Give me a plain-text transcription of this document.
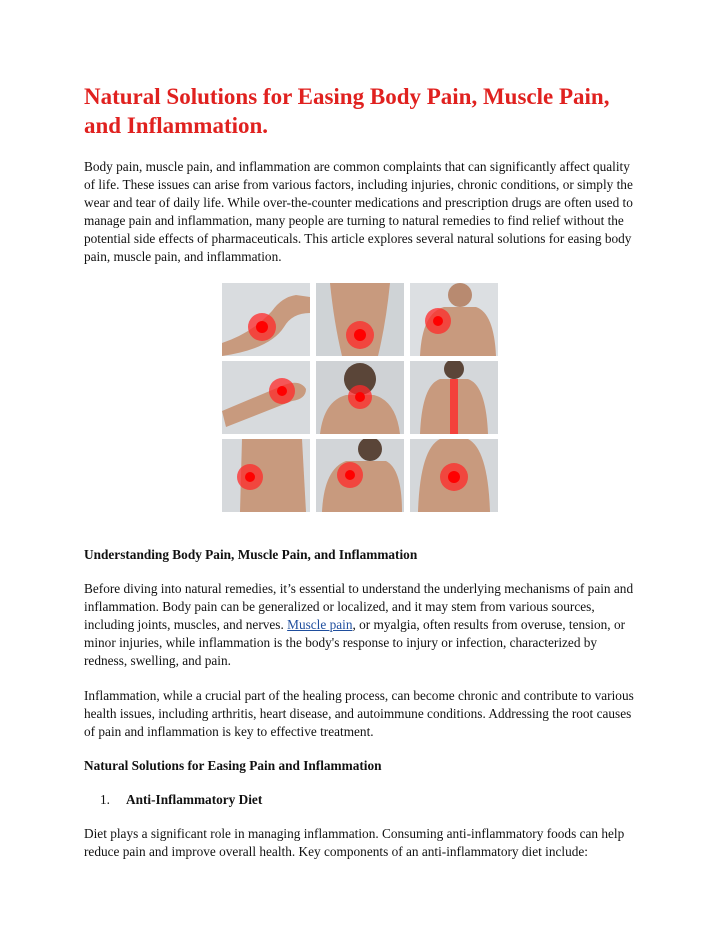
Natural Solutions for Easing Body Pain, Muscle Pain, and Inflammation.

Body pain, muscle pain, and inflammation are common complaints that can significantly affect quality of life. These issues can arise from various factors, including injuries, chronic conditions, or simply the wear and tear of daily life. While over-the-counter medications and prescription drugs are often used to manage pain and inflammation, many people are turning to natural remedies to find relief without the potential side effects of pharmaceuticals. This article explores several natural solutions for easing body pain, muscle pain, and inflammation.

Understanding Body Pain, Muscle Pain, and Inflammation

Before diving into natural remedies, it’s essential to understand the underlying mechanisms of pain and inflammation. Body pain can be generalized or localized, and it may stem from various sources, including joints, muscles, and nerves. Muscle pain, or myalgia, often results from overuse, tension, or minor injuries, while inflammation is the body's response to injury or infection, characterized by redness, swelling, and pain.

Inflammation, while a crucial part of the healing process, can become chronic and contribute to various health issues, including arthritis, heart disease, and autoimmune conditions. Addressing the root causes of pain and inflammation is key to effective treatment.

Natural Solutions for Easing Pain and Inflammation
1. Anti-Inflammatory Diet

Diet plays a significant role in managing inflammation. Consuming anti-inflammatory foods can help reduce pain and improve overall health. Key components of an anti-inflammatory diet include:
